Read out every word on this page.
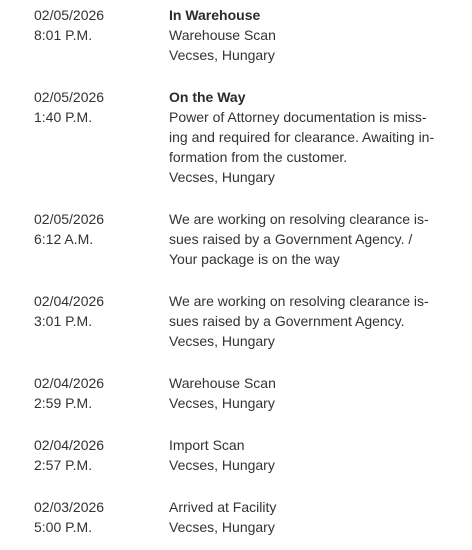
02/05/2026
8:01 P.M.
In Warehouse
Warehouse Scan
Vecses, Hungary
02/05/2026
1:40 P.M.
On the Way
Power of Attorney documentation is miss-
ing and required for clearance. Awaiting in-
formation from the customer.
Vecses, Hungary
02/05/2026
6:12 A.M.
We are working on resolving clearance is-
sues raised by a Government Agency. /
Your package is on the way
02/04/2026
3:01 P.M.
We are working on resolving clearance is-
sues raised by a Government Agency.
Vecses, Hungary
02/04/2026
2:59 P.M.
Warehouse Scan
Vecses, Hungary
02/04/2026
2:57 P.M.
Import Scan
Vecses, Hungary
02/03/2026
5:00 P.M.
Arrived at Facility
Vecses, Hungary
